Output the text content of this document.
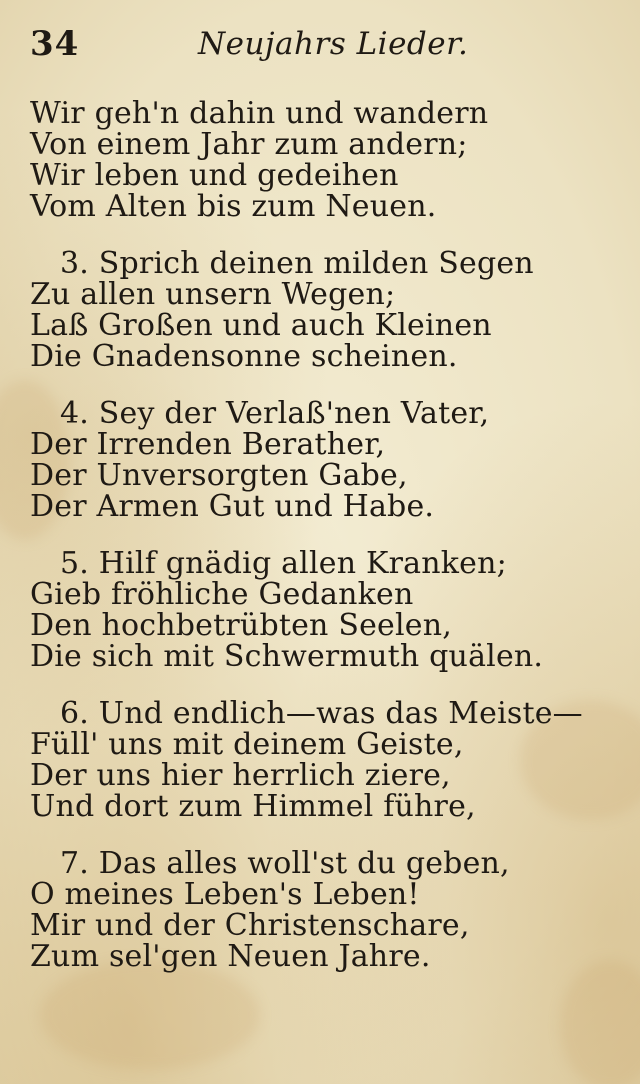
34	Neujahrs Lieder.
Wir geh'n dahin und wandern
Von einem Jahr zum andern;
Wir leben und gedeihen
Vom Alten bis zum Neuen.
3. Sprich deinen milden Segen
Zu allen unsern Wegen;
Laß Großen und auch Kleinen
Die Gnadensonne scheinen.
4. Sey der Verlaß'nen Vater,
Der Irrenden Berather,
Der Unversorgten Gabe,
Der Armen Gut und Habe.
5. Hilf gnädig allen Kranken;
Gieb fröhliche Gedanken
Den hochbetrübten Seelen,
Die sich mit Schwermuth quälen.
6. Und endlich—was das Meiste—
Füll' uns mit deinem Geiste,
Der uns hier herrlich ziere,
Und dort zum Himmel führe,
7. Das alles woll'st du geben,
O meines Leben's Leben!
Mir und der Christenschare,
Zum sel'gen Neuen Jahre.
